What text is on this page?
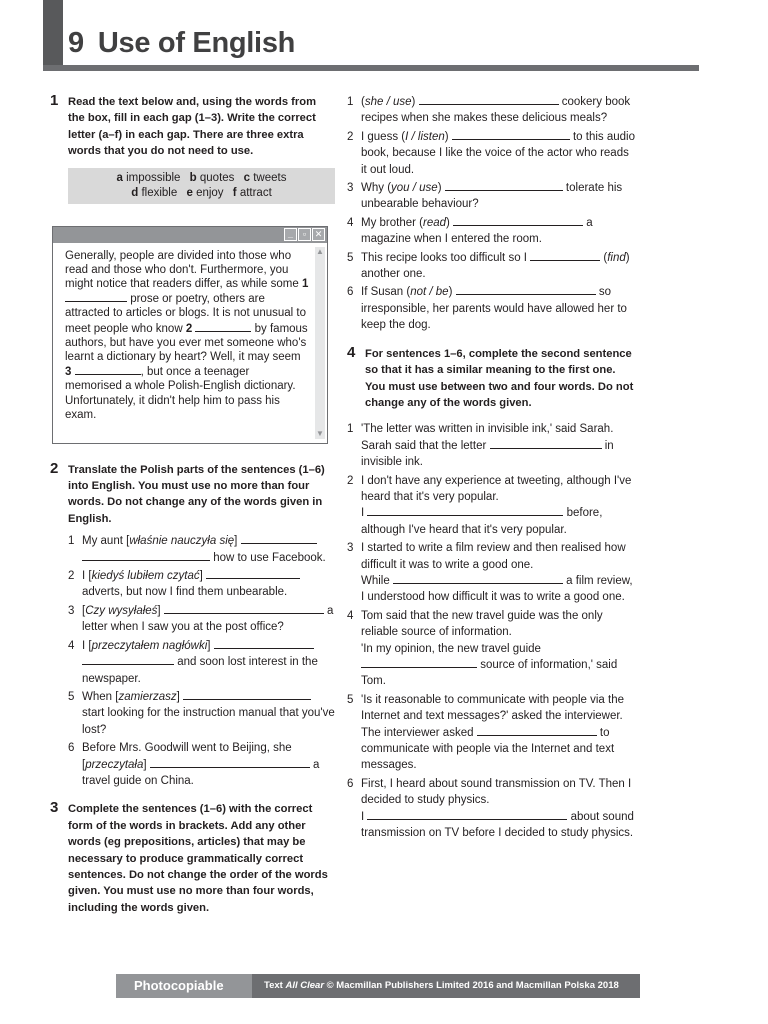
9 Use of English
1 Read the text below and, using the words from the box, fill in each gap (1–3). Write the correct letter (a–f) in each gap. There are three extra words that you do not need to use.
a impossible b quotes c tweets
d flexible e enjoy f attract
_	▫ ✕
Generally, people are divided into those who read and those who don't. Furthermore, you might notice that readers differ, as while some 1  prose or poetry, others are attracted to articles or blogs. It is not unusual to meet people who know 2	by famous authors, but have you ever met someone who's learnt a dictionary by heart? Well, it may seem
3	, but once a teenager memorised a whole Polish-English dictionary. Unfortunately, it didn't help him to pass his exam.
▲
▼
2 Translate the Polish parts of the sentences (1–6) into English. You must use no more than four words. Do not change any of the words given in English.
1 My aunt [właśnie nauczyła się]   how to use Facebook.
2 I [kiedyś lubiłem czytać]  adverts, but now I find them unbearable.
3 [Czy wysyłałeś]	a letter when I saw you at the post office?
4 I [przeczytałem nagłówki]   and soon lost interest in the newspaper.
5 When [zamierzasz]  start looking for the instruction manual that you've lost?
6 Before Mrs. Goodwill went to Beijing, she [przeczytała]	a travel guide on China.
3 Complete the sentences (1–6) with the correct form of the words in brackets. Add any other words (eg prepositions, articles) that may be necessary to produce grammatically correct sentences. Do not change the order of the words given. You must use no more than four words, including the words given.
1 (she / use)	cookery book recipes when she makes these delicious meals?
2 I guess (I / listen)	to this audio book, because I like the voice of the actor who reads it out loud.
3 Why (you / use)	tolerate his unbearable behaviour?
4 My brother (read)	a magazine when I entered the room.
5 This recipe looks too difficult so I	(find) another one.
6 If Susan (not / be)	so irresponsible, her parents would have allowed her to keep the dog.
4 For sentences 1–6, complete the second sentence so that it has a similar meaning to the first one. You must use between two and four words. Do not change any of the words given.
1 'The letter was written in invisible ink,' said Sarah.
Sarah said that the letter	in invisible ink.
2 I don't have any experience at tweeting, although I've heard that it's very popular.
I	before, although I've heard that it's very popular.
3 I started to write a film review and then realised how difficult it was to write a good one.
While	a film review, I understood how difficult it was to write a good one.
4 Tom said that the new travel guide was the only reliable source of information.
'In my opinion, the new travel guide  source of information,' said Tom.
5 'Is it reasonable to communicate with people via the Internet and text messages?' asked the interviewer.
The interviewer asked	to communicate with people via the Internet and text messages.
6 First, I heard about sound transmission on TV. Then I decided to study physics.
I	about sound transmission on TV before I decided to study physics.
Photocopiable	Text All Clear © Macmillan Publishers Limited 2016 and Macmillan Polska 2018
